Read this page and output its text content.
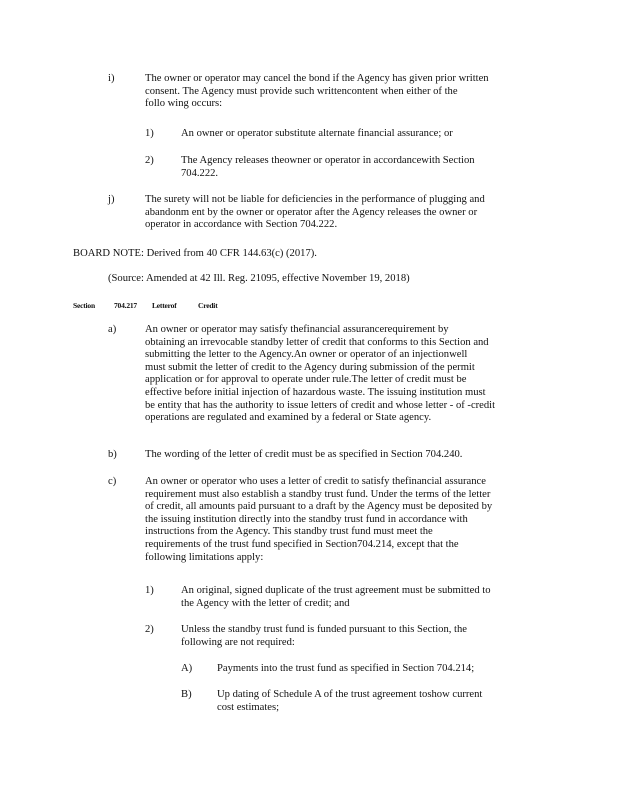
i)	The owner or operator may cancel the bond if the Agency has given prior written
consent. The Agency must provide such writtencontent when either of the
follo wing occurs:
1)	An owner or operator substitute alternate financial assurance; or
2)	The Agency releases theowner or operator in accordancewith Section
704.222.
j)	The surety will not be liable for deficiencies in the performance of plugging and
abandonm ent by the owner or operator after the Agency releases the owner or
operator in accordance with Section 704.222.
BOARD NOTE: Derived from 40 CFR 144.63(c) (2017).
(Source: Amended at 42 Ill. Reg. 21095, effective November 19, 2018)
Section	704.217 Letterof	Credit
a)	An owner or operator may satisfy thefinancial assurancerequirement by
obtaining an irrevocable standby letter of credit that conforms to this Section and
submitting the letter to the Agency.An owner or operator of an injectionwell
must submit the letter of credit to the Agency during submission of the permit
application or for approval to operate under rule.The letter of credit must be
effective before initial injection of hazardous waste. The issuing institution must
be entity that has the authority to issue letters of credit and whose letter - of -credit
operations are regulated and examined by a federal or State agency.
b)	The wording of the letter of credit must be as specified in Section 704.240.
c)	An owner or operator who uses a letter of credit to satisfy thefinancial assurance
requirement must also establish a standby trust fund. Under the terms of the letter
of credit, all amounts paid pursuant to a draft by the Agency must be deposited by
the issuing institution directly into the standby trust fund in accordance with
instructions from the Agency. This standby trust fund must meet the
requirements of the trust fund specified in Section704.214, except that the
following limitations apply:
1)	An original, signed duplicate of the trust agreement must be submitted to
the Agency with the letter of credit; and
2)	Unless the standby trust fund is funded pursuant to this Section, the
following are not required:
A) Payments into the trust fund as specified in Section 704.214;
B) Up dating of Schedule A of the trust agreement toshow current
cost estimates;
